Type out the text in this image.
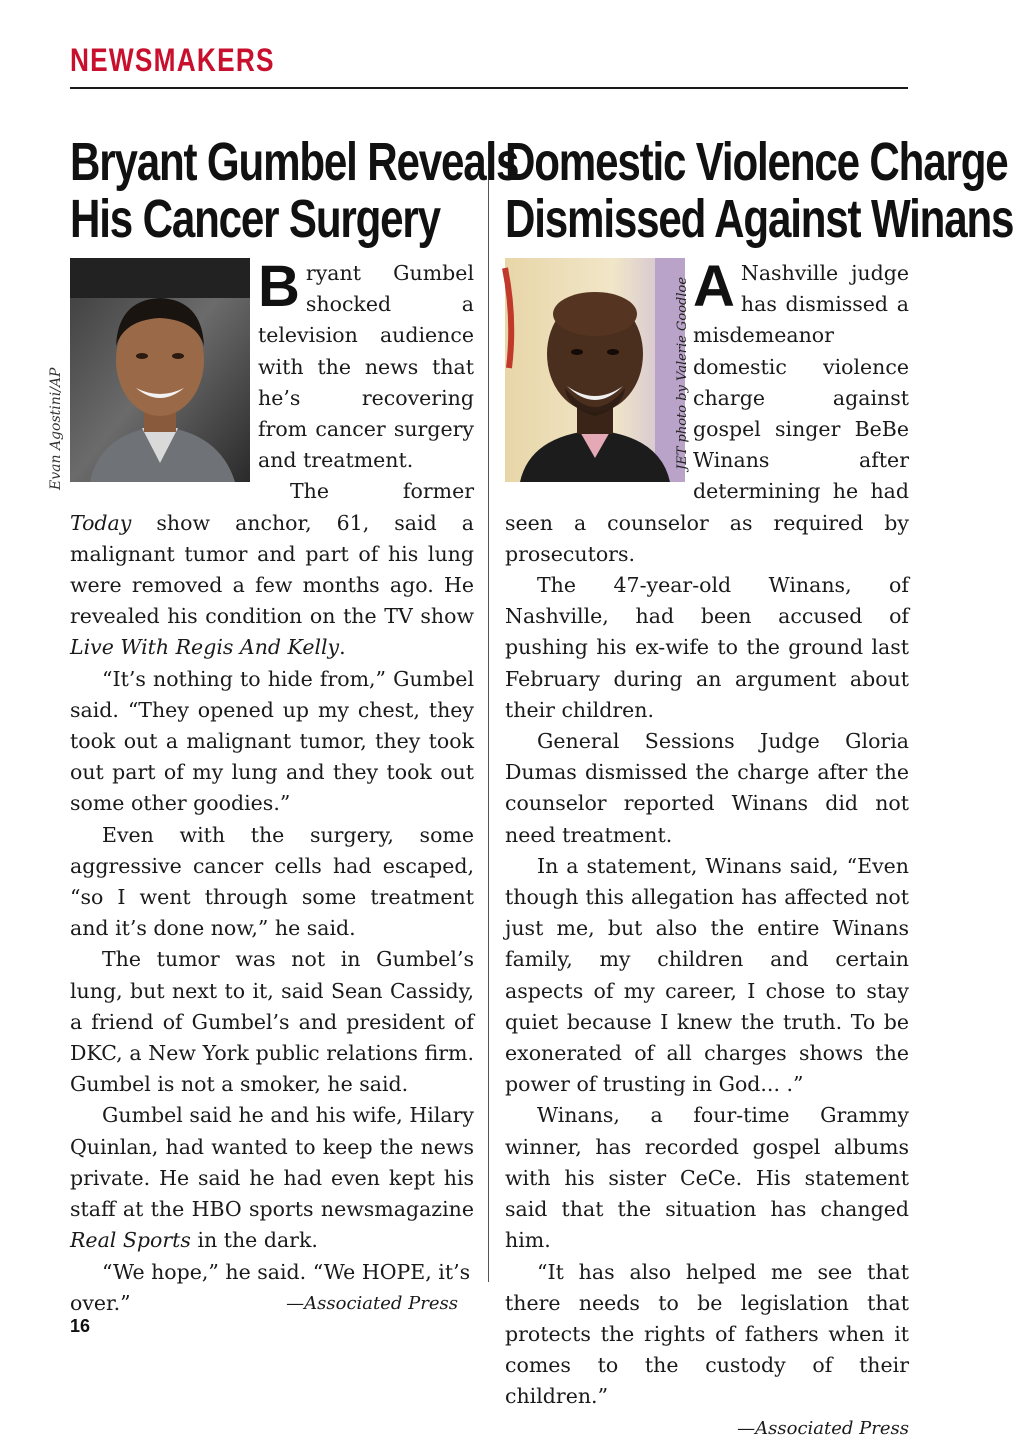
NEWSMAKERS
Bryant Gumbel Reveals
His Cancer Surgery
Evan Agostini/AP

Bryant Gumbel shocked a television audience with the news that he’s recovering from cancer surgery and treatment.

The former Today show anchor, 61, said a malignant tumor and part of his lung were removed a few months ago. He revealed his condition on the TV show Live With Regis And Kelly.

“It’s nothing to hide from,” Gumbel said. “They opened up my chest, they took out a malignant tumor, they took out part of my lung and they took out some other goodies.”

Even with the surgery, some aggressive cancer cells had escaped, “so I went through some treatment and it’s done now,” he said.

The tumor was not in Gumbel’s lung, but next to it, said Sean Cassidy, a friend of Gumbel’s and president of DKC, a New York public relations firm. Gumbel is not a smoker, he said.

Gumbel said he and his wife, Hilary Quinlan, had wanted to keep the news private. He said he had even kept his staff at the HBO sports newsmagazine Real Sports in the dark.

“We hope,” he said. “We HOPE, it’s over.”	—Associated Press

Domestic Violence Charge
Dismissed Against Winans
JET photo by Valerie Goodloe A Nashville judge has dismissed a misdemeanor domestic violence charge against gospel singer BeBe Winans after determining he had seen a counselor as required by prosecutors.

The 47-year-old Winans, of Nashville, had been accused of pushing his ex-wife to the ground last February during an argument about their children.

General Sessions Judge Gloria Dumas dismissed the charge after the counselor reported Winans did not need treatment.

In a statement, Winans said, “Even though this allegation has affected not just me, but also the entire Winans family, my children and certain aspects of my career, I chose to stay quiet because I knew the truth. To be exonerated of all charges shows the power of trusting in God... .”

Winans, a four-time Grammy winner, has recorded gospel albums with his sister CeCe. His statement said that the situation has changed him.

“It has also helped me see that there needs to be legislation that protects the rights of fathers when it comes to the custody of their children.”

—Associated Press
16
